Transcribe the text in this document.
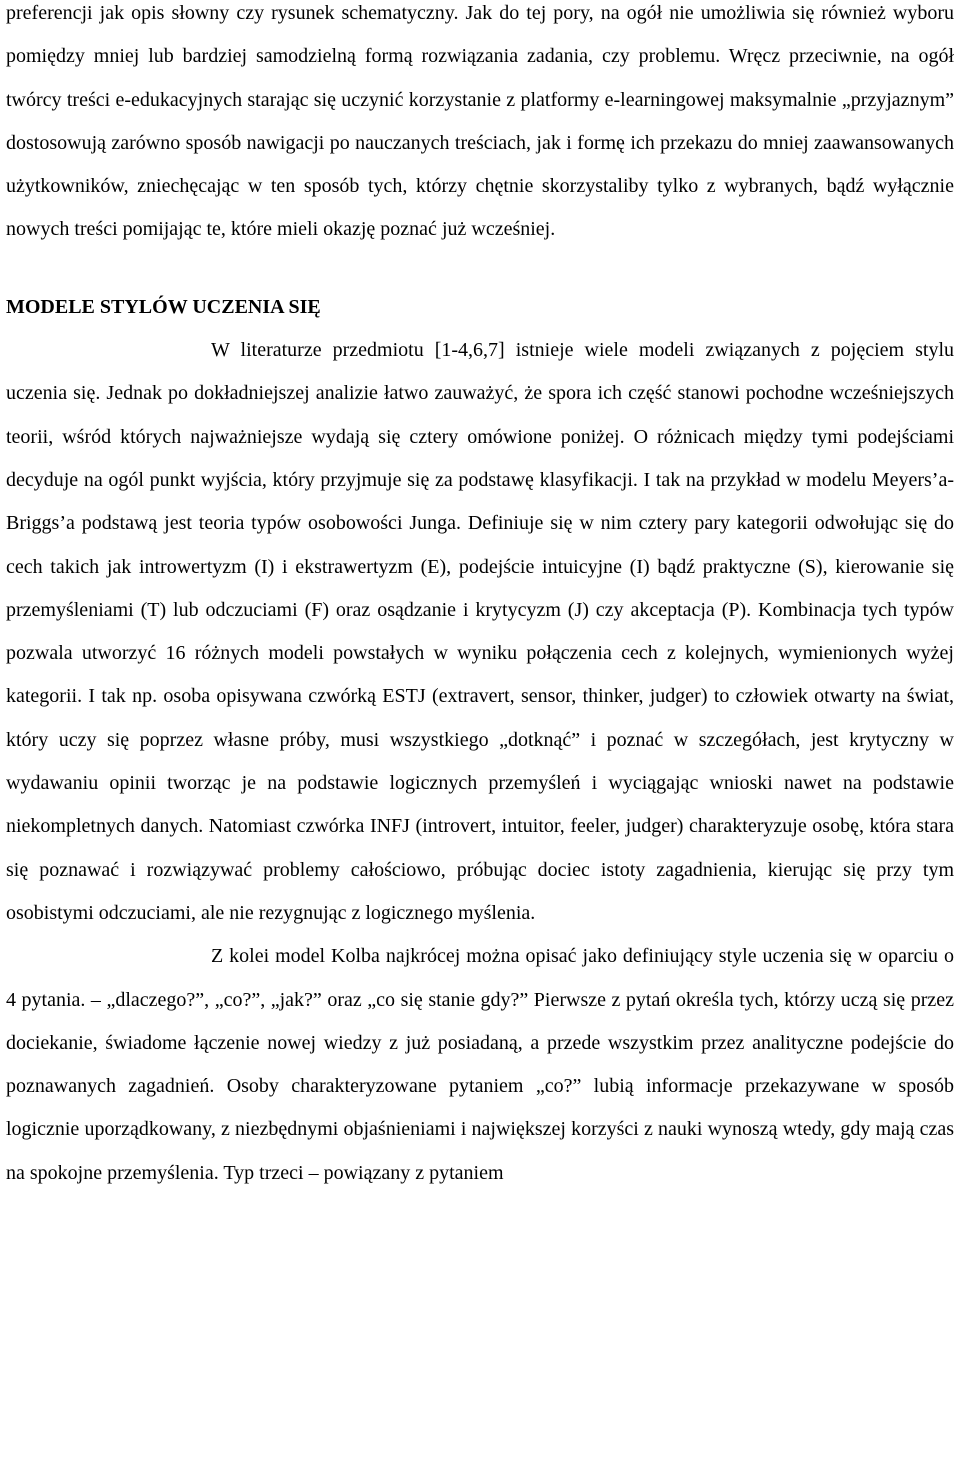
preferencji jak opis słowny czy rysunek schematyczny. Jak do tej pory, na ogół nie umożliwia się również wyboru pomiędzy mniej lub bardziej samodzielną formą rozwiązania zadania, czy problemu. Wręcz przeciwnie, na ogół twórcy treści e-edukacyjnych starając się uczynić korzystanie z platformy e-learningowej maksymalnie „przyjaznym” dostosowują zarówno sposób nawigacji po nauczanych treściach, jak i formę ich przekazu do mniej zaawansowanych użytkowników, zniechęcając w ten sposób tych, którzy chętnie skorzystaliby tylko z wybranych, bądź wyłącznie nowych treści pomijając te, które mieli okazję poznać już wcześniej.

MODELE STYLÓW UCZENIA SIĘ

W literaturze przedmiotu [1-4,6,7] istnieje wiele modeli związanych z pojęciem stylu uczenia się. Jednak po dokładniejszej analizie łatwo zauważyć, że spora ich część stanowi pochodne wcześniejszych teorii, wśród których najważniejsze wydają się cztery omówione poniżej. O różnicach między tymi podejściami decyduje na ogól punkt wyjścia, który przyjmuje się za podstawę klasyfikacji. I tak na przykład w modelu Meyers’a-Briggs’a podstawą jest teoria typów osobowości Junga. Definiuje się w nim cztery pary kategorii odwołując się do cech takich jak introwertyzm (I) i ekstrawertyzm (E), podejście intuicyjne (I) bądź praktyczne (S), kierowanie się przemyśleniami (T) lub odczuciami (F) oraz osądzanie i krytycyzm (J) czy akceptacja (P). Kombinacja tych typów pozwala utworzyć 16 różnych modeli powstałych w wyniku połączenia cech z kolejnych, wymienionych wyżej kategorii. I tak np. osoba opisywana czwórką ESTJ (extravert, sensor, thinker, judger) to człowiek otwarty na świat, który uczy się poprzez własne próby, musi wszystkiego „dotknąć” i poznać w szczegółach, jest krytyczny w wydawaniu opinii tworząc je na podstawie logicznych przemyśleń i wyciągając wnioski nawet na podstawie niekompletnych danych. Natomiast czwórka INFJ (introvert, intuitor, feeler, judger) charakteryzuje osobę, która stara się poznawać i rozwiązywać problemy całościowo, próbując dociec istoty zagadnienia, kierując się przy tym osobistymi odczuciami, ale nie rezygnując z logicznego myślenia.

Z kolei model Kolba najkrócej można opisać jako definiujący style uczenia się w oparciu o 4 pytania. – „dlaczego?”, „co?”, „jak?” oraz „co się stanie gdy?” Pierwsze z pytań określa tych, którzy uczą się przez dociekanie, świadome łączenie nowej wiedzy z już posiadaną, a przede wszystkim przez analityczne podejście do poznawanych zagadnień. Osoby charakteryzowane pytaniem „co?” lubią informacje przekazywane w sposób logicznie uporządkowany, z niezbędnymi objaśnieniami i największej korzyści z nauki wynoszą wtedy, gdy mają czas na spokojne przemyślenia. Typ trzeci – powiązany z pytaniem
